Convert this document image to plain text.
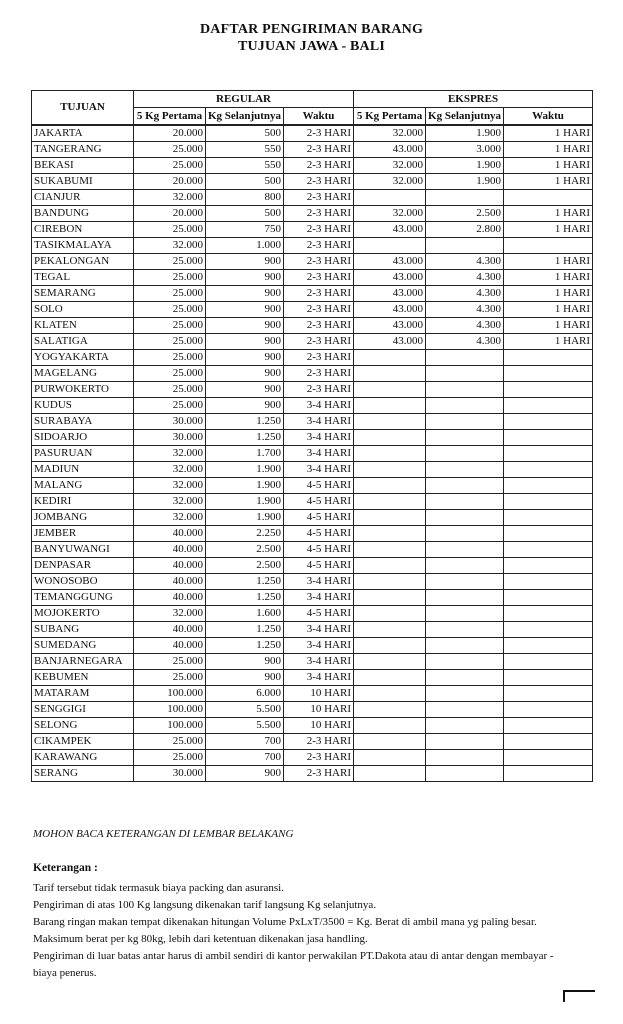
DAFTAR PENGIRIMAN BARANG
TUJUAN JAWA - BALI
TUJUAN	REGULAR			EKSPRES		
	5 Kg Pertama	Kg Selanjutnya	Waktu	5 Kg Pertama	Kg Selanjutnya	Waktu
JAKARTA	20.000	500	2-3 HARI	32.000	1.900	1 HARI
TANGERANG	25.000	550	2-3 HARI	43.000	3.000	1 HARI
BEKASI	25.000	550	2-3 HARI	32.000	1.900	1 HARI
SUKABUMI	20.000	500	2-3 HARI	32.000	1.900	1 HARI
CIANJUR	32.000	800	2-3 HARI			
BANDUNG	20.000	500	2-3 HARI	32.000	2.500	1 HARI
CIREBON	25.000	750	2-3 HARI	43.000	2.800	1 HARI
TASIKMALAYA	32.000	1.000	2-3 HARI			
PEKALONGAN	25.000	900	2-3 HARI	43.000	4.300	1 HARI
TEGAL	25.000	900	2-3 HARI	43.000	4.300	1 HARI
SEMARANG	25.000	900	2-3 HARI	43.000	4.300	1 HARI
SOLO	25.000	900	2-3 HARI	43.000	4.300	1 HARI
KLATEN	25.000	900	2-3 HARI	43.000	4.300	1 HARI
SALATIGA	25.000	900	2-3 HARI	43.000	4.300	1 HARI
YOGYAKARTA	25.000	900	2-3 HARI			
MAGELANG	25.000	900	2-3 HARI			
PURWOKERTO	25.000	900	2-3 HARI			
KUDUS	25.000	900	3-4 HARI			
SURABAYA	30.000	1.250	3-4 HARI			
SIDOARJO	30.000	1.250	3-4 HARI			
PASURUAN	32.000	1.700	3-4 HARI			
MADIUN	32.000	1.900	3-4 HARI			
MALANG	32.000	1.900	4-5 HARI			
KEDIRI	32.000	1.900	4-5 HARI			
JOMBANG	32.000	1.900	4-5 HARI			
JEMBER	40.000	2.250	4-5 HARI			
BANYUWANGI	40.000	2.500	4-5 HARI			
DENPASAR	40.000	2.500	4-5 HARI			
WONOSOBO	40.000	1.250	3-4 HARI			
TEMANGGUNG	40.000	1.250	3-4 HARI			
MOJOKERTO	32.000	1.600	4-5 HARI			
SUBANG	40.000	1.250	3-4 HARI			
SUMEDANG	40.000	1.250	3-4 HARI			
BANJARNEGARA	25.000	900	3-4 HARI			
KEBUMEN	25.000	900	3-4 HARI			
MATARAM	100.000	6.000	10 HARI			
SENGGIGI	100.000	5.500	10 HARI			
SELONG	100.000	5.500	10 HARI			
CIKAMPEK	25.000	700	2-3 HARI			
KARAWANG	25.000	700	2-3 HARI			
SERANG	30.000	900	2-3 HARI			
MOHON BACA KETERANGAN DI LEMBAR BELAKANG
Keterangan :
Tarif tersebut tidak termasuk biaya packing dan asuransi.
Pengiriman di atas 100 Kg langsung dikenakan tarif langsung Kg selanjutnya.
Barang ringan makan tempat dikenakan hitungan Volume PxLxT/3500 = Kg. Berat di ambil mana yg paling besar.
Maksimum berat per kg 80kg, lebih dari ketentuan dikenakan jasa handling.
Pengiriman di luar batas antar harus di ambil sendiri di kantor perwakilan PT.Dakota atau di antar dengan membayar -
biaya penerus.
